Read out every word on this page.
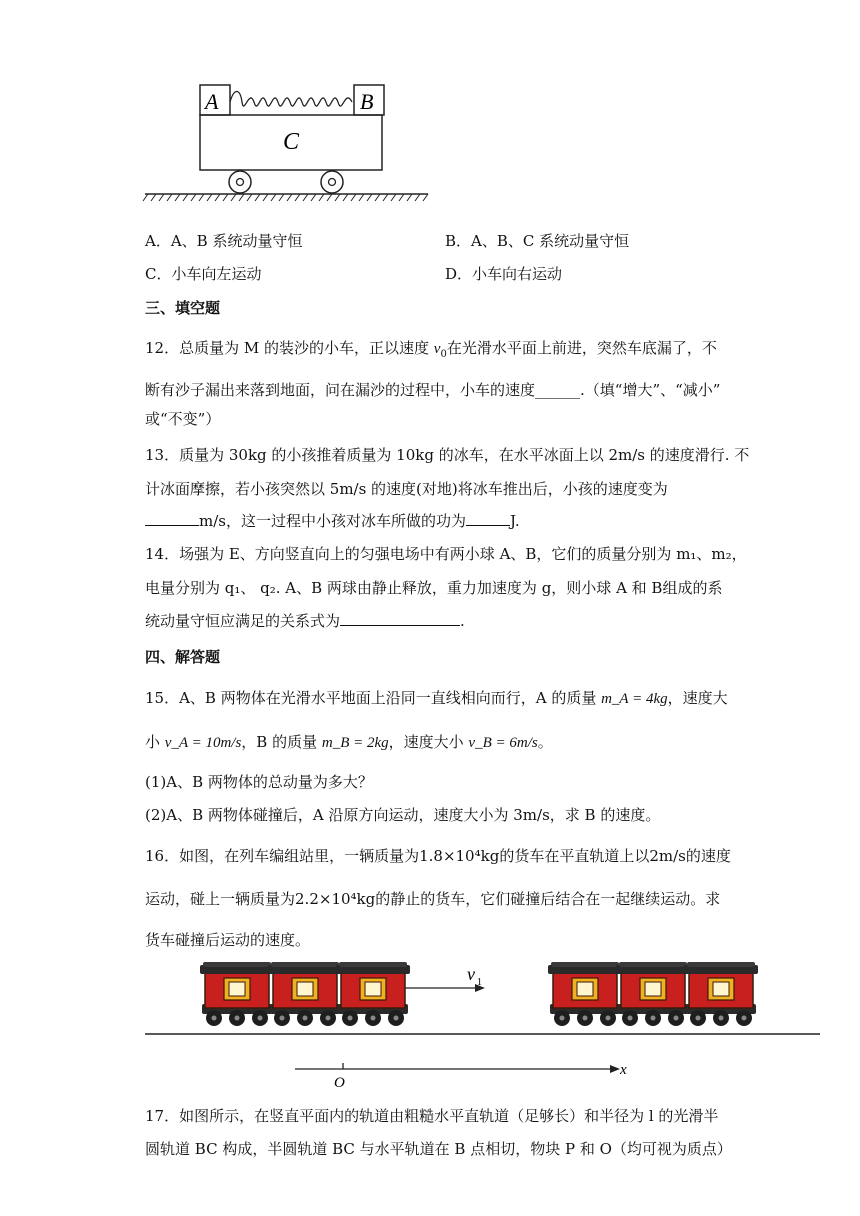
A	B
C
A．A、B 系统动量守恒	B．A、B、C 系统动量守恒
C．小车向左运动	D．小车向右运动
三、填空题
12．总质量为 M 的装沙的小车，正以速度 $v_0$在光滑水平面上前进，突然车底漏了，不
断有沙子漏出来落到地面，问在漏沙的过程中，小车的速度______.（填“增大”、“减小”
或“不变”）
13．质量为 30kg 的小孩推着质量为 10kg 的冰车，在水平冰面上以 2m/s 的速度滑行. 不
计冰面摩擦，若小孩突然以 5m/s 的速度(对地)将冰车推出后，小孩的速度变为
m/s，这一过程中小孩对冰车所做的功为	J.
14．场强为 E、方向竖直向上的匀强电场中有两小球 A、B，它们的质量分别为 m₁、m₂，
电量分别为 q₁、 q₂. A、B 两球由静止释放，重力加速度为 g，则小球 A 和 B组成的系
统动量守恒应满足的关系式为	.
四、解答题
15．A、B 两物体在光滑水平地面上沿同一直线相向而行，A 的质量 m_A = 4kg，速度大
小 v_A = 10m/s，B 的质量 m_B = 2kg，速度大小 v_B = 6m/s。
(1)A、B 两物体的总动量为多大？
(2)A、B 两物体碰撞后，A 沿原方向运动，速度大小为 3m/s，求 B 的速度。
16．如图，在列车编组站里，一辆质量为1.8×10⁴kg的货车在平直轨道上以2m/s的速度
运动，碰上一辆质量为2.2×10⁴kg的静止的货车，它们碰撞后结合在一起继续运动。求
货车碰撞后运动的速度。
v 1
O
x
17．如图所示，在竖直平面内的轨道由粗糙水平直轨道（足够长）和半径为 l 的光滑半
圆轨道 BC 构成，半圆轨道 BC 与水平轨道在 B 点相切，物块 P 和 O（均可视为质点）
